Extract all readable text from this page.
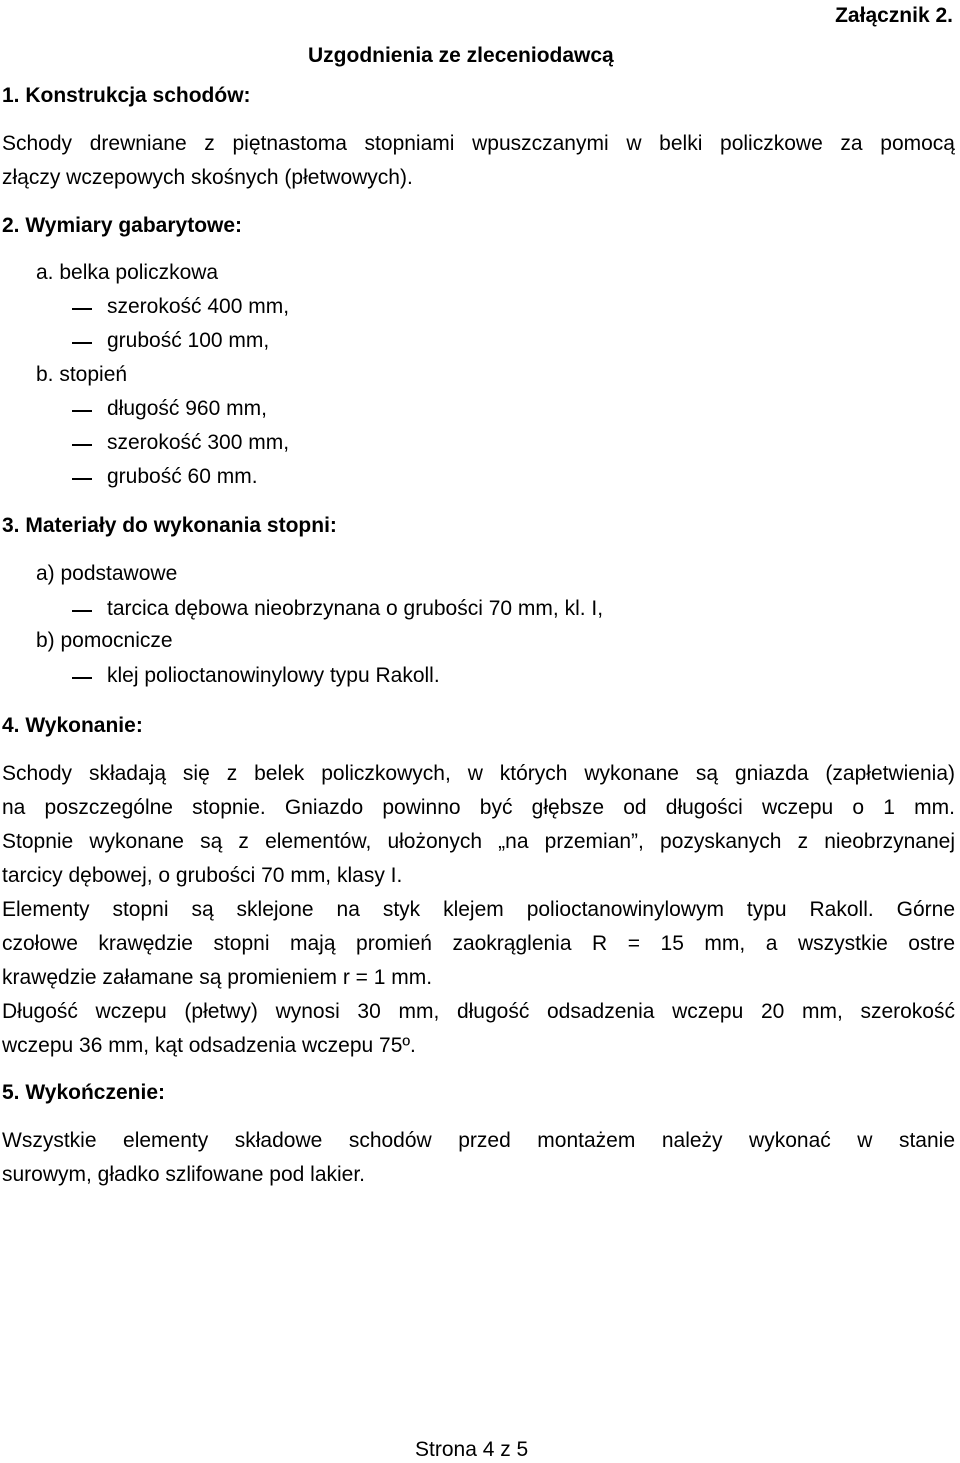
Załącznik 2.
Uzgodnienia ze zleceniodawcą
1. Konstrukcja schodów:

Schody drewniane z piętnastoma stopniami wpuszczanymi w belki policzkowe za pomocą

złączy wczepowych skośnych (płetwowych).

2. Wymiary gabarytowe:
a. belka policzkowa
szerokość 400 mm,
grubość 100 mm,
b. stopień
długość 960 mm,
szerokość 300 mm,
grubość 60 mm.
3. Materiały do wykonania stopni:
a) podstawowe
tarcica dębowa nieobrzynana o grubości 70 mm, kl. I,
b) pomocnicze
klej polioctanowinylowy typu Rakoll.
4. Wykonanie:

Schody składają się z belek policzkowych, w których wykonane są gniazda (zapłetwienia)

na poszczególne stopnie. Gniazdo powinno być głębsze od długości wczepu o 1 mm.

Stopnie wykonane są z elementów, ułożonych „na przemian”, pozyskanych z nieobrzynanej

tarcicy dębowej, o grubości 70 mm, klasy I.

Elementy stopni są sklejone na styk klejem polioctanowinylowym typu Rakoll. Górne

czołowe krawędzie stopni mają promień zaokrąglenia R = 15 mm, a wszystkie ostre

krawędzie załamane są promieniem r = 1 mm.

Długość wczepu (płetwy) wynosi 30 mm, długość odsadzenia wczepu 20 mm, szerokość

wczepu 36 mm, kąt odsadzenia wczepu 75º.

5. Wykończenie:

Wszystkie elementy składowe schodów przed montażem należy wykonać w stanie

surowym, gładko szlifowane pod lakier.

Strona 4 z 5
